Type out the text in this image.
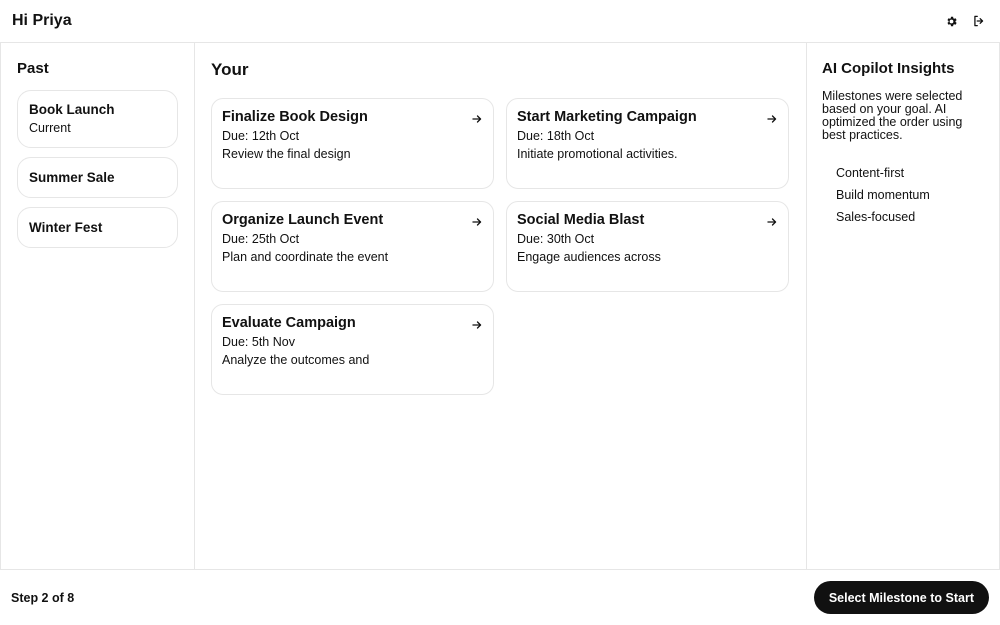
Hi Priya
Past
Book Launch
Current
Summer Sale
Winter Fest
Your
Finalize Book Design
Due: 12th Oct
Review the final design
Start Marketing Campaign
Due: 18th Oct
Initiate promotional activities.
Organize Launch Event
Due: 25th Oct
Plan and coordinate the event
Social Media Blast
Due: 30th Oct
Engage audiences across
Evaluate Campaign
Due: 5th Nov
Analyze the outcomes and
AI Copilot Insights

Milestones were selected based on your goal. AI optimized the order using best practices.

Content-first
Build momentum
Sales-focused
Step 2 of 8	Select Milestone to Start
